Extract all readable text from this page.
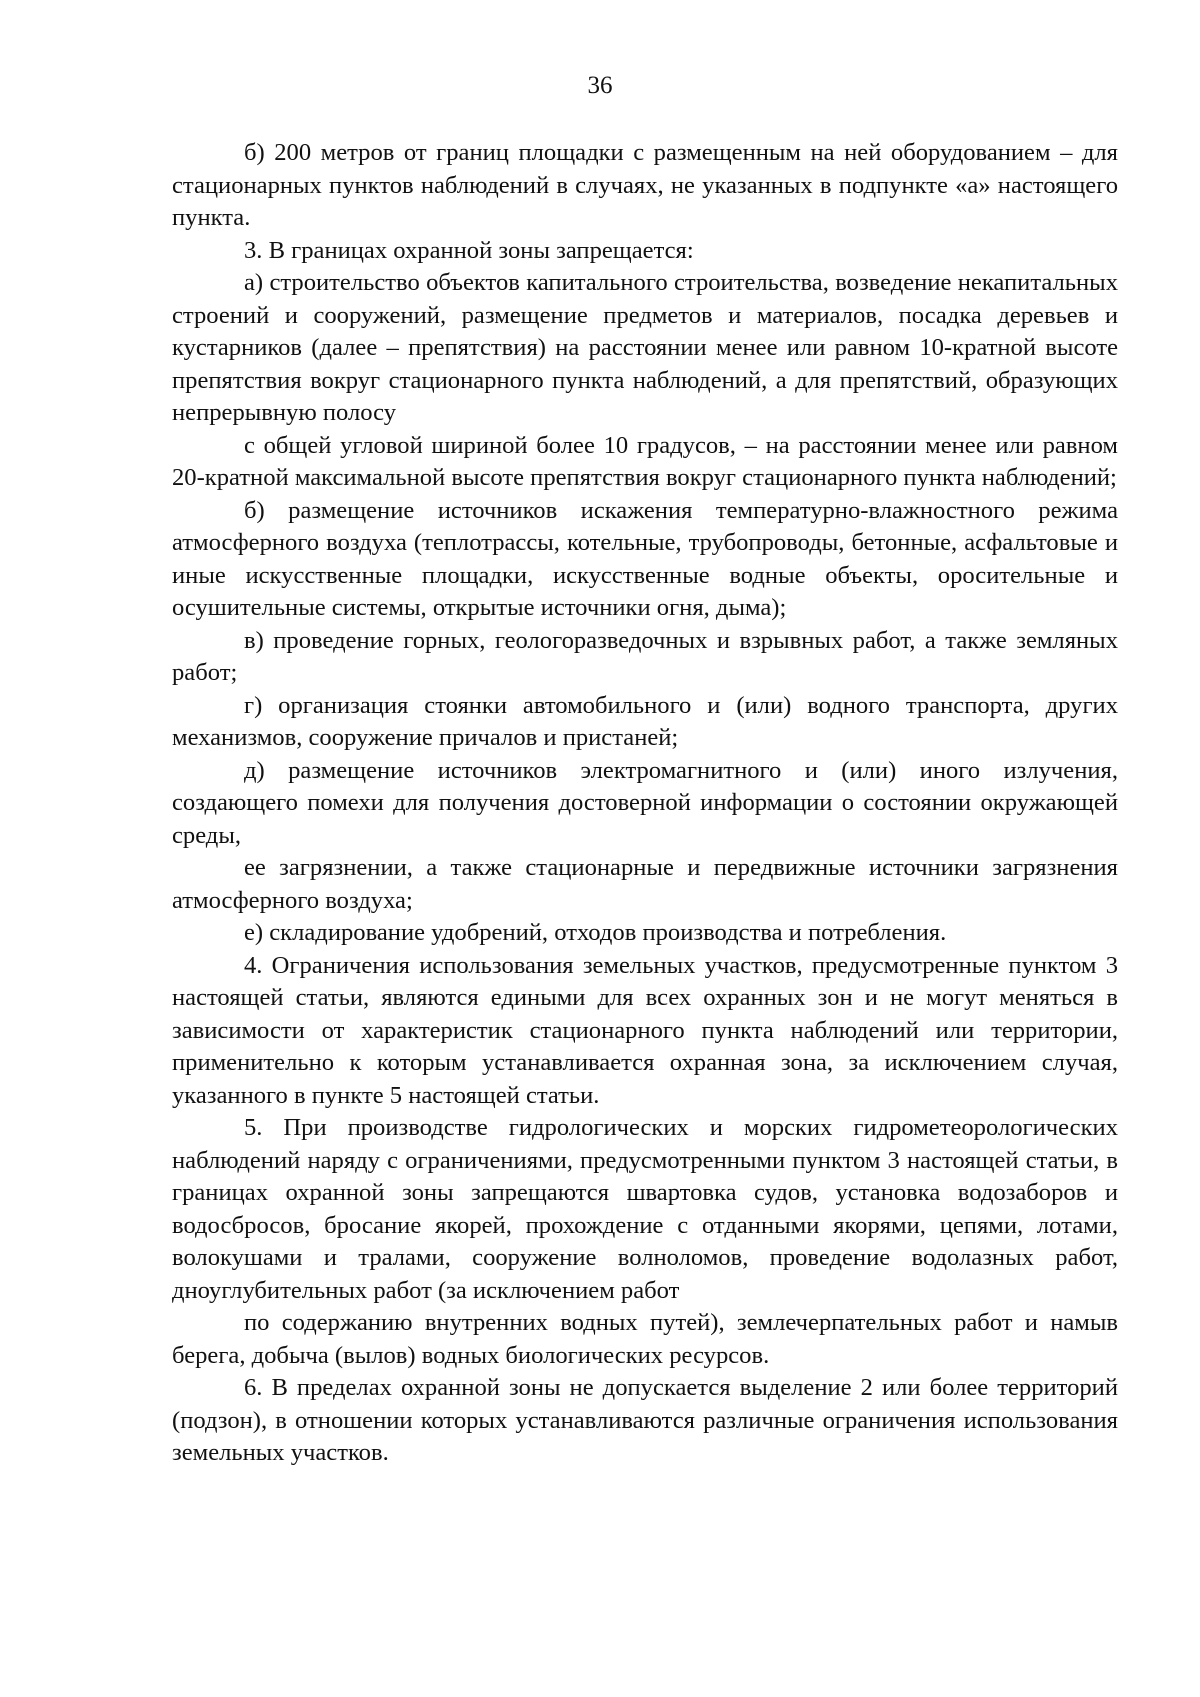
36

б) 200 метров от границ площадки с размещенным на ней оборудованием – для стационарных пунктов наблюдений в случаях, не указанных в подпункте «а» настоящего пункта.

3. В границах охранной зоны запрещается:

а) строительство объектов капитального строительства, возведение некапитальных строений и сооружений, размещение предметов и материалов, посадка деревьев и кустарников (далее – препятствия) на расстоянии менее или равном 10-кратной высоте препятствия вокруг стационарного пункта наблюдений, а для препятствий, образующих непрерывную полосу

с общей угловой шириной более 10 градусов, – на расстоянии менее или равном 20-кратной максимальной высоте препятствия вокруг стационарного пункта наблюдений;

б) размещение источников искажения температурно-влажностного режима атмосферного воздуха (теплотрассы, котельные, трубопроводы, бетонные, асфальтовые и иные искусственные площадки, искусственные водные объекты, оросительные и осушительные системы, открытые источники огня, дыма);

в) проведение горных, геологоразведочных и взрывных работ, а также земляных работ;

г) организация стоянки автомобильного и (или) водного транспорта, других механизмов, сооружение причалов и пристаней;

д) размещение источников электромагнитного и (или) иного излучения, создающего помехи для получения достоверной информации о состоянии окружающей среды,

ее загрязнении, а также стационарные и передвижные источники загрязнения атмосферного воздуха;

е) складирование удобрений, отходов производства и потребления.

4. Ограничения использования земельных участков, предусмотренные пунктом 3 настоящей статьи, являются едиными для всех охранных зон и не могут меняться в зависимости от характеристик стационарного пункта наблюдений или территории, применительно к которым устанавливается охранная зона, за исключением случая, указанного в пункте 5 настоящей статьи.

5. При производстве гидрологических и морских гидрометеорологических наблюдений наряду с ограничениями, предусмотренными пунктом 3 настоящей статьи, в границах охранной зоны запрещаются швартовка судов, установка водозаборов и водосбросов, бросание якорей, прохождение с отданными якорями, цепями, лотами, волокушами и тралами, сооружение волноломов, проведение водолазных работ, дноуглубительных работ (за исключением работ

по содержанию внутренних водных путей), землечерпательных работ и намыв берега, добыча (вылов) водных биологических ресурсов.

6. В пределах охранной зоны не допускается выделение 2 или более территорий (подзон), в отношении которых устанавливаются различные ограничения использования земельных участков.
